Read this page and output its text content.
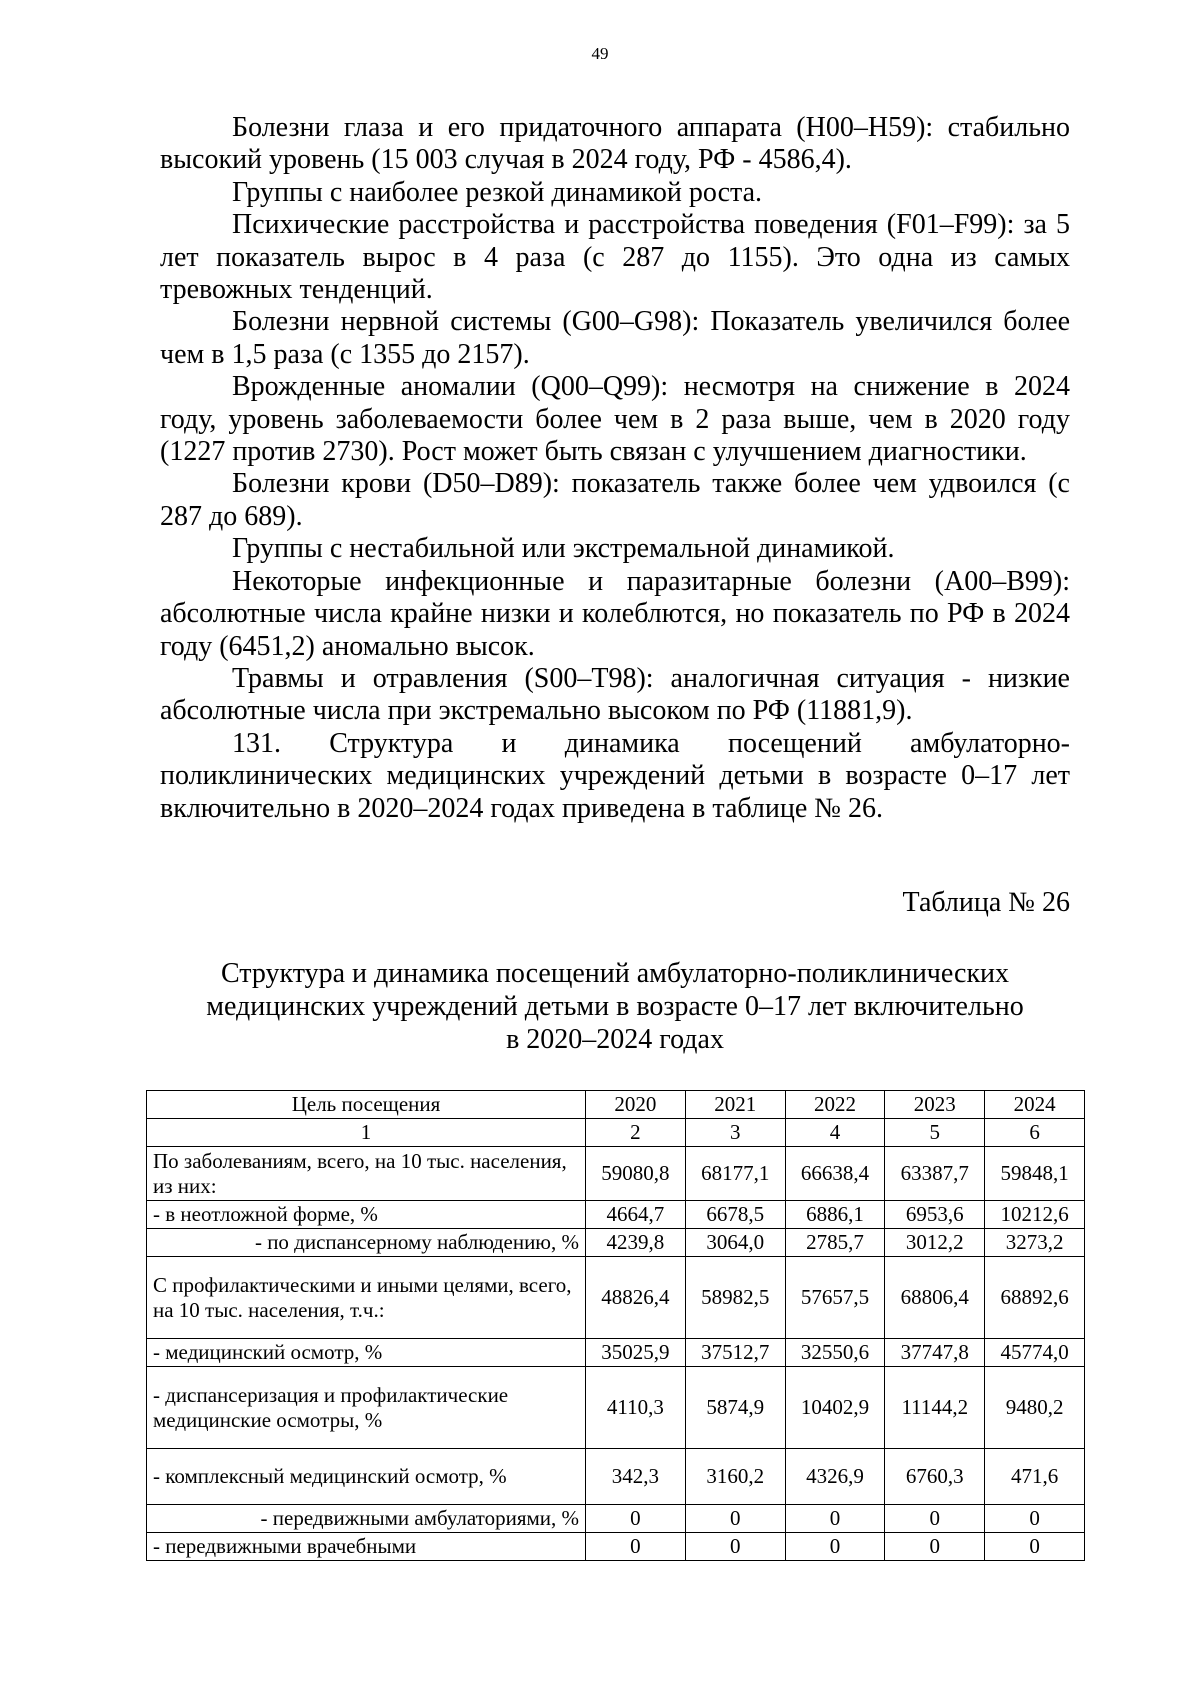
49

Болезни глаза и его придаточного аппарата (H00–H59): стабильно высокий уровень (15 003 случая в 2024 году, РФ - 4586,4).

Группы с наиболее резкой динамикой роста.

Психические расстройства и расстройства поведения (F01–F99): за 5 лет показатель вырос в 4 раза (с 287 до 1155). Это одна из самых тревожных тенденций.

Болезни нервной системы (G00–G98): Показатель увеличился более чем в 1,5 раза (с 1355 до 2157).

Врожденные аномалии (Q00–Q99): несмотря на снижение в 2024 году, уровень заболеваемости более чем в 2 раза выше, чем в 2020 году (1227 против 2730). Рост может быть связан с улучшением диагностики.

Болезни крови (D50–D89): показатель также более чем удвоился (с 287 до 689).

Группы с нестабильной или экстремальной динамикой.

Некоторые инфекционные и паразитарные болезни (A00–B99): абсолютные числа крайне низки и колеблются, но показатель по РФ в 2024 году (6451,2) аномально высок.

Травмы и отравления (S00–T98): аналогичная ситуация - низкие абсолютные числа при экстремально высоком по РФ (11881,9).

131. Структура и динамика посещений амбулаторно-поликлинических медицинских учреждений детьми в возрасте 0–17 лет включительно в 2020–2024 годах приведена в таблице № 26.

Таблица № 26
Структура и динамика посещений амбулаторно-поликлинических
медицинских учреждений детьми в возрасте 0–17 лет включительно
в 2020–2024 годах
Цель посещения	2020	2021	2022	2023	2024
1	2	3	4	5	6
По заболеваниям, всего, на 10 тыс. населения, из них:	59080,8	68177,1	66638,4	63387,7	59848,1
- в неотложной форме, %	4664,7	6678,5	6886,1	6953,6	10212,6
- по диспансерному наблюдению, %	4239,8	3064,0	2785,7	3012,2	3273,2
С профилактическими и иными целями, всего, на 10 тыс. населения, т.ч.:	48826,4	58982,5	57657,5	68806,4	68892,6
- медицинский осмотр, %	35025,9	37512,7	32550,6	37747,8	45774,0
- диспансеризация и профилактические медицинские осмотры, %	4110,3	5874,9	10402,9	11144,2	9480,2
- комплексный медицинский осмотр, %	342,3	3160,2	4326,9	6760,3	471,6
- передвижными амбулаториями, %	0	0	0	0	0
- передвижными врачебными	0	0	0	0	0
